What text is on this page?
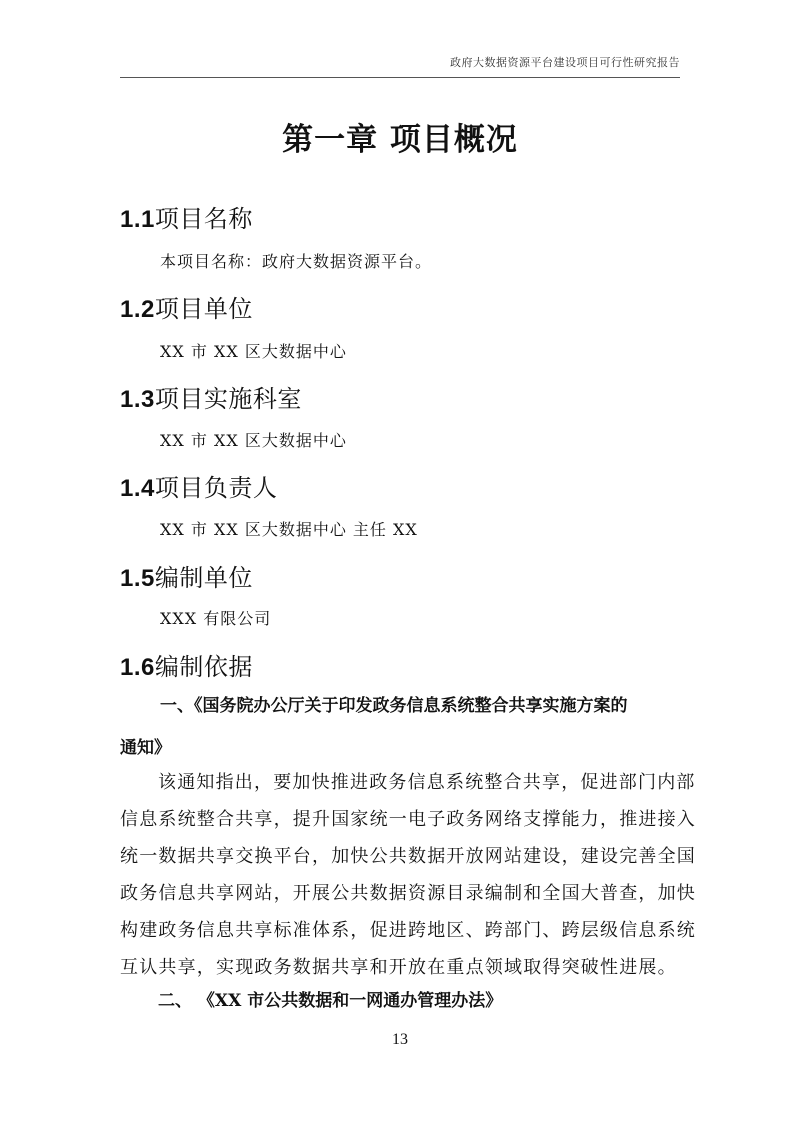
政府大数据资源平台建设项目可行性研究报告
第一章 项目概况
1.1项目名称
本项目名称：政府大数据资源平台。
1.2项目单位
XX 市 XX 区大数据中心
1.3项目实施科室
XX 市 XX 区大数据中心
1.4项目负责人
XX 市 XX 区大数据中心 主任 XX
1.5编制单位
XXX 有限公司
1.6编制依据
一、《国务院办公厅关于印发政务信息系统整合共享实施方案的
通知》
该通知指出，要加快推进政务信息系统整合共享，促进部门内部
信息系统整合共享，提升国家统一电子政务网络支撑能力，推进接入
统一数据共享交换平台，加快公共数据开放网站建设，建设完善全国
政务信息共享网站，开展公共数据资源目录编制和全国大普查，加快
构建政务信息共享标准体系，促进跨地区、跨部门、跨层级信息系统
互认共享，实现政务数据共享和开放在重点领域取得突破性进展。
二、 《XX 市公共数据和一网通办管理办法》
13
